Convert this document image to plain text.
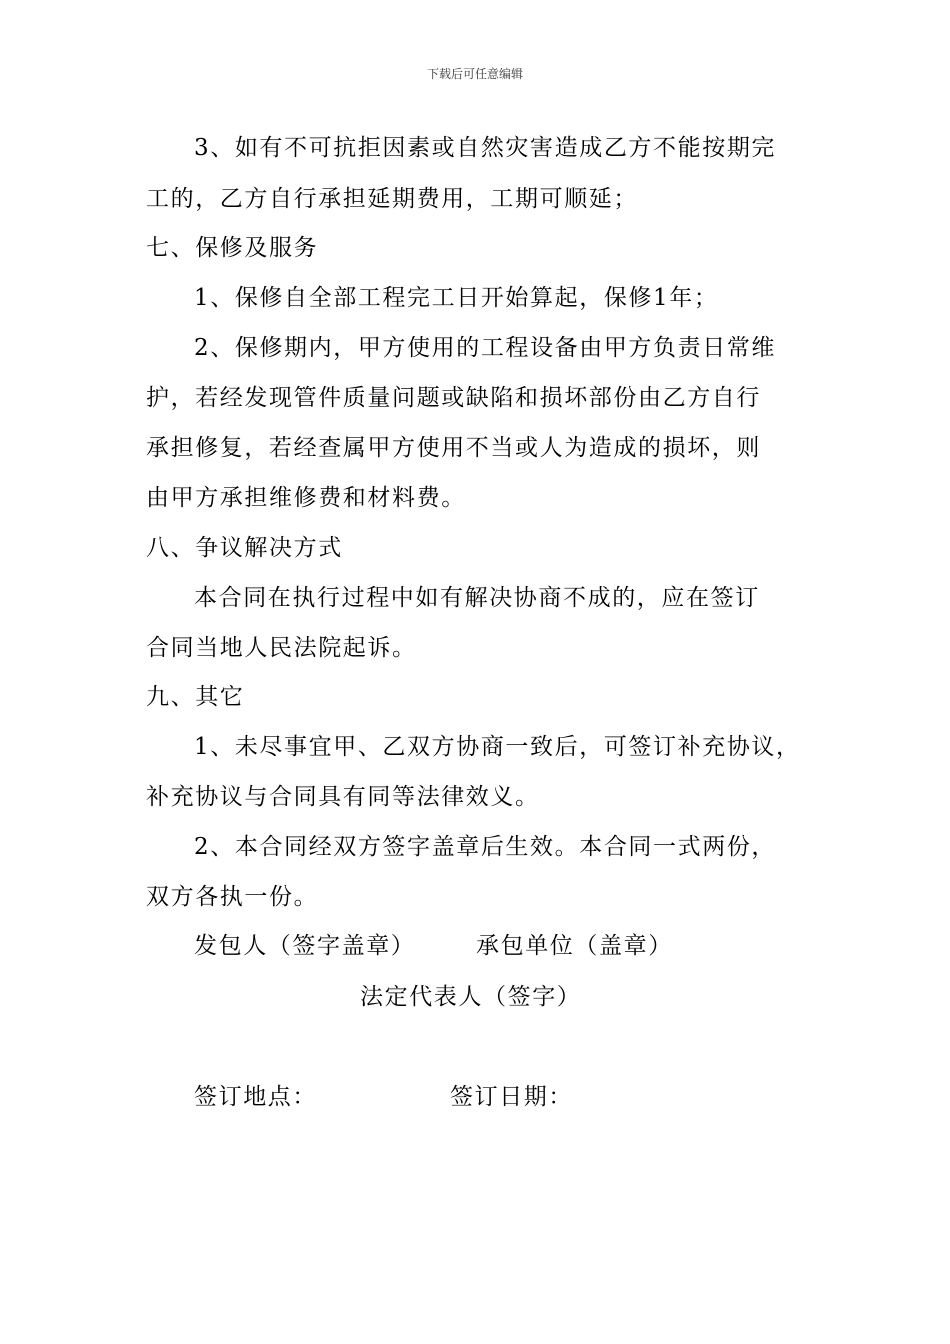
下载后可任意编辑
3、如有不可抗拒因素或自然灾害造成乙方不能按期完
工的，乙方自行承担延期费用，工期可顺延；
七、保修及服务
1、保修自全部工程完工日开始算起，保修1年；
2、保修期内，甲方使用的工程设备由甲方负责日常维
护，若经发现管件质量问题或缺陷和损坏部份由乙方自行
承担修复，若经查属甲方使用不当或人为造成的损坏，则
由甲方承担维修费和材料费。
八、争议解决方式
本合同在执行过程中如有解决协商不成的，应在签订
合同当地人民法院起诉。
九、其它
1、未尽事宜甲、乙双方协商一致后，可签订补充协议，
补充协议与合同具有同等法律效义。
2、本合同经双方签字盖章后生效。本合同一式两份，
双方各执一份。
发包人（签字盖章）	承包单位（盖章）
法定代表人（签字）
签订地点：	签订日期：
